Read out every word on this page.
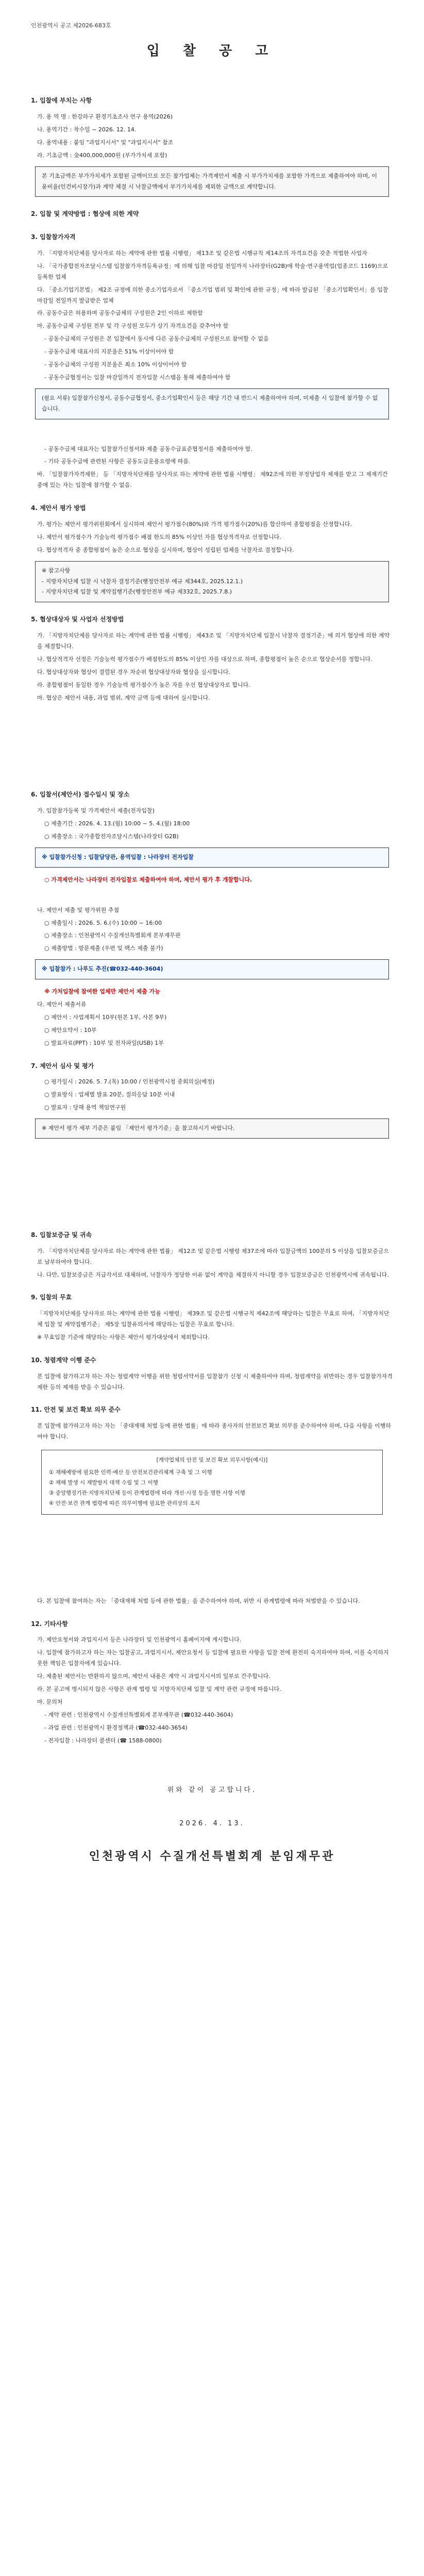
인천광역시 공고 제2026-683호
입 찰 공 고
1. 입찰에 부치는 사항
가. 용 역 명 : 한강하구 환경기초조사 연구 용역(2026)
나. 용역기간 : 착수일 ~ 2026. 12. 14.
다. 용역내용 : 붙임 "과업지시서" 및 "과업지시서" 참조
라. 기초금액 : 金400,000,000원 (부가가치세 포함)
본 기초금액은 부가가치세가 포함된 금액이므로 모든 참가업체는 가격제안서 제출 시 부가가치세를 포함한 가격으로 제출하여야 하며, 이윤비율(인건비시장가)과 계약 체결 시 낙찰금액에서 부가가치세를 제외한 금액으로 계약합니다.
2. 입찰 및 계약방법 : 협상에 의한 계약
3. 입찰참가자격
가. 「지방자치단체를 당사자로 하는 계약에 관한 법률 시행령」 제13조 및 같은법 시행규칙 제14조의 자격요건을 갖춘 적법한 사업자
나. 「국가종합전자조달시스템 입찰참가자격등록규정」에 의해 입찰 마감일 전일까지 나라장터(G2B)에 학술·연구용역업(업종코드 1169)으로 등록한 업체
다. 「중소기업기본법」 제2조 규정에 의한 중소기업자로서 「중소기업 범위 및 확인에 관한 규정」에 따라 발급된 「중소기업확인서」를 입찰 마감일 전일까지 발급받은 업체
라. 공동수급은 허용하며 공동수급체의 구성원은 2인 이하로 제한함
마. 공동수급체 구성원 전부 및 각 구성원 모두가 상기 자격요건을 갖추어야 함
- 공동수급체의 구성원은 본 입찰에서 동시에 다른 공동수급체의 구성원으로 참여할 수 없음
- 공동수급체 대표사의 지분율은 51% 이상이어야 함
- 공동수급체의 구성원 지분율은 최소 10% 이상이어야 함
- 공동수급협정서는 입찰 마감일까지 전자입찰 시스템을 통해 제출하여야 함
(필요 서류) 입찰참가신청서, 공동수급협정서, 중소기업확인서 등은 해당 기간 내 반드시 제출하여야 하며, 미제출 시 입찰에 참가할 수 없습니다.
- 공동수급체 대표자는 입찰참가신청서와 제출 공동수급표준협정서를 제출하여야 함.
- 기타 공동수급에 관련된 사항은 공동도급운용요령에 따름.
바. 「입찰참가자격제한」 등 「지방자치단체를 당사자로 하는 계약에 관한 법률 시행령」 제92조에 의한 부정당업자 제재를 받고 그 제재기간 중에 있는 자는 입찰에 참가할 수 없음.
4. 제안서 평가 방법
가. 평가는 제안서 평가위원회에서 실시하며 제안서 평가점수(80%)와 가격 평가점수(20%)를 합산하여 종합평점을 산정합니다.
나. 제안서 평가점수가 기술능력 평가점수 배점 한도의 85% 이상인 자를 협상적격자로 선정합니다.
다. 협상적격자 중 종합평점이 높은 순으로 협상을 실시하며, 협상이 성립된 업체를 낙찰자로 결정합니다.
※ 참고사항
- 지방자치단체 입찰 시 낙찰자 결정기준(행정안전부 예규 제344호, 2025.12.1.)
- 지방자치단체 입찰 및 계약집행기준(행정안전부 예규 제332호, 2025.7.8.)
5. 협상대상자 및 사업자 선정방법
가. 「지방자치단체를 당사자로 하는 계약에 관한 법률 시행령」 제43조 및 「지방자치단체 입찰시 낙찰자 결정기준」에 의거 협상에 의한 계약을 체결합니다.
나. 협상적격자 선정은 기술능력 평가점수가 배점한도의 85% 이상인 자를 대상으로 하며, 종합평점이 높은 순으로 협상순서를 정합니다.
다. 협상대상자와 협상이 결렬된 경우 차순위 협상대상자와 협상을 실시합니다.
라. 종합평점이 동일한 경우 기술능력 평가점수가 높은 자를 우선 협상대상자로 합니다.
마. 협상은 제안서 내용, 과업 범위, 계약 금액 등에 대하여 실시합니다.
6. 입찰서(제안서) 접수일시 및 장소
가. 입찰참가등록 및 가격제안서 제출(전자입찰)
○ 제출기간 : 2026. 4. 13.(월) 10:00 ~ 5. 4.(월) 18:00
○ 제출장소 : 국가종합전자조달시스템(나라장터 G2B)
※ 입찰참가신청 : 입찰담당관, 용역입찰 : 나라장터 전자입찰
○ 가격제안서는 나라장터 전자입찰로 제출하여야 하며, 제안서 평가 후 개찰합니다.
나. 제안서 제출 및 평가위원 추첨
○ 제출일시 : 2026. 5. 6.(수) 10:00 ~ 16:00
○ 제출장소 : 인천광역시 수질개선특별회계 본부재무관
○ 제출방법 : 방문제출 (우편 및 팩스 제출 불가)
※ 입찰참가 : 나루도 추진(☎032-440-3604)
※ 가처입찰에 참여한 업체만 제안서 제출 가능
다. 제안서 제출서류
○ 제안서 : 사업계획서 10부(원본 1부, 사본 9부)
○ 제안요약서 : 10부
○ 발표자료(PPT) : 10부 및 전자파일(USB) 1부
7. 제안서 심사 및 평가
○ 평가일시 : 2026. 5. 7.(목) 10:00 / 인천광역시청 중회의실(예정)
○ 발표방식 : 업체별 발표 20분, 질의응답 10분 이내
○ 발표자 : 당해 용역 책임연구원
※ 제안서 평가 세부 기준은 붙임 「제안서 평가기준」을 참고하시기 바랍니다.
8. 입찰보증금 및 귀속
가. 「지방자치단체를 당사자로 하는 계약에 관한 법률」 제12조 및 같은법 시행령 제37조에 따라 입찰금액의 100분의 5 이상을 입찰보증금으로 납부하여야 합니다.
나. 다만, 입찰보증금은 지급각서로 대체하며, 낙찰자가 정당한 이유 없이 계약을 체결하지 아니할 경우 입찰보증금은 인천광역시에 귀속됩니다.
9. 입찰의 무효
「지방자치단체를 당사자로 하는 계약에 관한 법률 시행령」 제39조 및 같은법 시행규칙 제42조에 해당하는 입찰은 무효로 하며, 「지방자치단체 입찰 및 계약집행기준」 제5장 입찰유의서에 해당하는 입찰은 무효로 합니다.
※ 무효입찰 기준에 해당하는 사항은 제안서 평가대상에서 제외합니다.
10. 청렴계약 이행 준수
본 입찰에 참가하고자 하는 자는 청렴계약 이행을 위한 청렴서약서를 입찰참가 신청 시 제출하여야 하며, 청렴계약을 위반하는 경우 입찰참가자격 제한 등의 제재를 받을 수 있습니다.
11. 안전 및 보건 확보 의무 준수
본 입찰에 참가하고자 하는 자는 「중대재해 처벌 등에 관한 법률」에 따라 종사자의 안전보건 확보 의무를 준수하여야 하며, 다음 사항을 이행하여야 합니다.
[계약업체의 안전 및 보건 확보 의무사항(예시)]
① 재해예방에 필요한 인력·예산 등 안전보건관리체계 구축 및 그 이행
② 재해 발생 시 재발방지 대책 수립 및 그 이행
③ 중앙행정기관·지방자치단체 등이 관계법령에 따라 개선·시정 등을 명한 사항 이행
④ 안전·보건 관계 법령에 따른 의무이행에 필요한 관리상의 조치
다. 본 입찰에 참여하는 자는 「중대재해 처벌 등에 관한 법률」을 준수하여야 하며, 위반 시 관계법령에 따라 처벌받을 수 있습니다.
12. 기타사항
가. 제안요청서와 과업지시서 등은 나라장터 및 인천광역시 홈페이지에 게시합니다.
나. 입찰에 참가하고자 하는 자는 입찰공고, 과업지시서, 제안요청서 등 입찰에 필요한 사항을 입찰 전에 완전히 숙지하여야 하며, 이를 숙지하지 못한 책임은 입찰자에게 있습니다.
다. 제출된 제안서는 반환하지 않으며, 제안서 내용은 계약 시 과업지시서의 일부로 간주합니다.
라. 본 공고에 명시되지 않은 사항은 관계 법령 및 지방자치단체 입찰 및 계약 관련 규정에 따릅니다.
마. 문의처
- 계약 관련 : 인천광역시 수질개선특별회계 본부재무관 (☎032-440-3604)
- 과업 관련 : 인천광역시 환경정책과 (☎032-440-3654)
- 전자입찰 : 나라장터 콜센터 (☎ 1588-0800)
위와 같이 공고합니다.
2026. 4. 13.
인천광역시 수질개선특별회계 분임재무관
